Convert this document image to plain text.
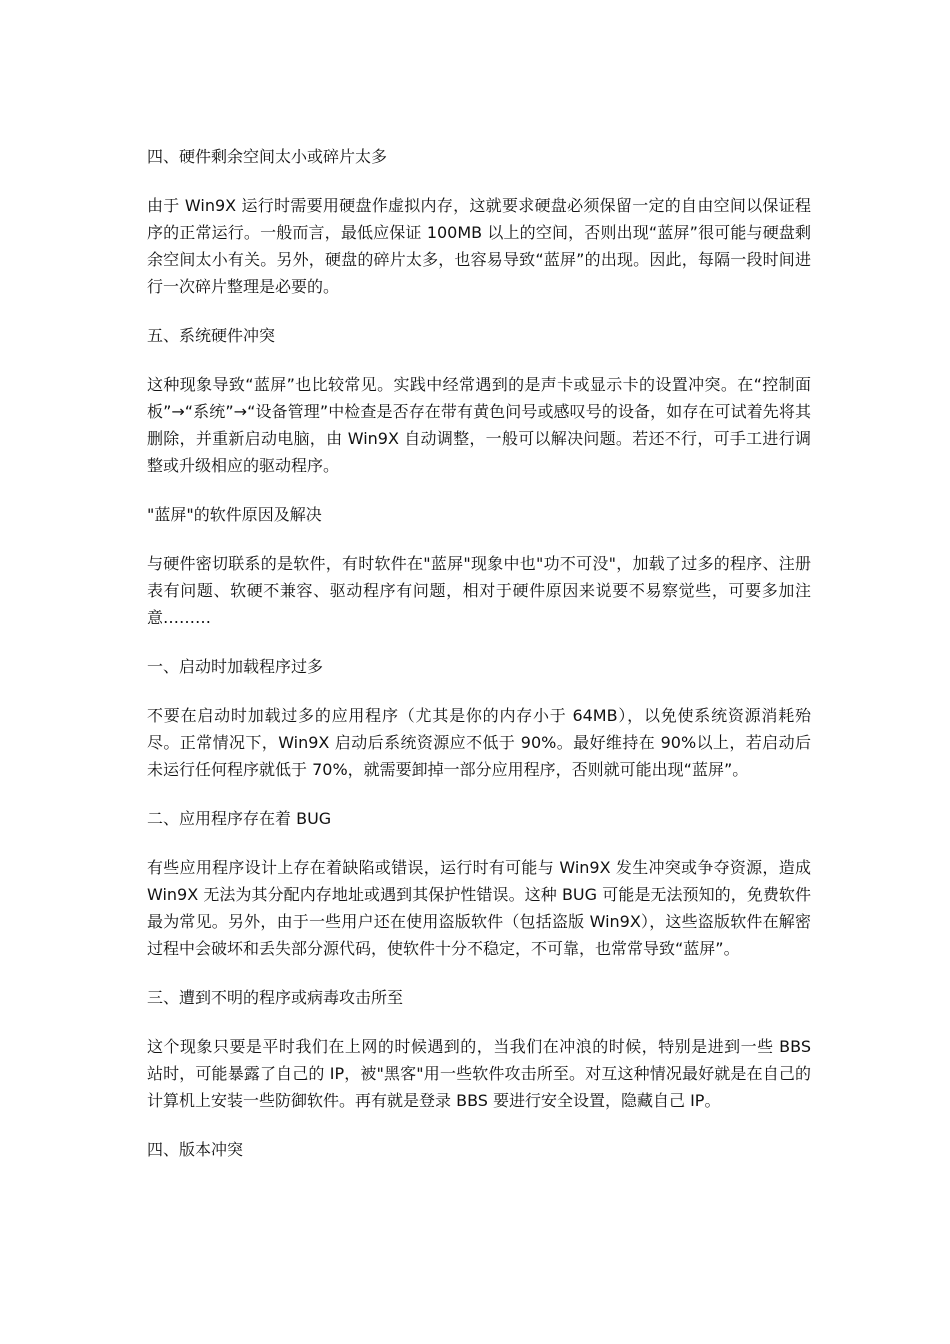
四、硬件剩余空间太小或碎片太多
由于 Win9X 运行时需要用硬盘作虚拟内存，这就要求硬盘必须保留一定的自由空间以保证程序的正常运行。一般而言，最低应保证 100MB 以上的空间，否则出现“蓝屏”很可能与硬盘剩余空间太小有关。另外，硬盘的碎片太多，也容易导致“蓝屏”的出现。因此，每隔一段时间进行一次碎片整理是必要的。
五、系统硬件冲突
这种现象导致“蓝屏”也比较常见。实践中经常遇到的是声卡或显示卡的设置冲突。在“控制面板”→“系统”→“设备管理”中检查是否存在带有黄色问号或感叹号的设备，如存在可试着先将其删除，并重新启动电脑，由 Win9X 自动调整，一般可以解决问题。若还不行，可手工进行调整或升级相应的驱动程序。
"蓝屏"的软件原因及解决
与硬件密切联系的是软件，有时软件在"蓝屏"现象中也"功不可没"，加载了过多的程序、注册表有问题、软硬不兼容、驱动程序有问题，相对于硬件原因来说要不易察觉些，可要多加注意………
一、启动时加载程序过多
不要在启动时加载过多的应用程序（尤其是你的内存小于 64MB），以免使系统资源消耗殆尽。正常情况下，Win9X 启动后系统资源应不低于 90%。最好维持在 90%以上，若启动后未运行任何程序就低于 70%，就需要卸掉一部分应用程序，否则就可能出现“蓝屏”。
二、应用程序存在着 BUG
有些应用程序设计上存在着缺陷或错误，运行时有可能与 Win9X 发生冲突或争夺资源，造成 Win9X 无法为其分配内存地址或遇到其保护性错误。这种 BUG 可能是无法预知的，免费软件最为常见。另外，由于一些用户还在使用盗版软件（包括盗版 Win9X），这些盗版软件在解密过程中会破坏和丢失部分源代码，使软件十分不稳定，不可靠，也常常导致“蓝屏”。
三、遭到不明的程序或病毒攻击所至
这个现象只要是平时我们在上网的时候遇到的，当我们在冲浪的时候，特别是进到一些 BBS 站时，可能暴露了自己的 IP，被"黑客"用一些软件攻击所至。对互这种情况最好就是在自己的计算机上安装一些防御软件。再有就是登录 BBS 要进行安全设置，隐藏自己 IP。
四、版本冲突
